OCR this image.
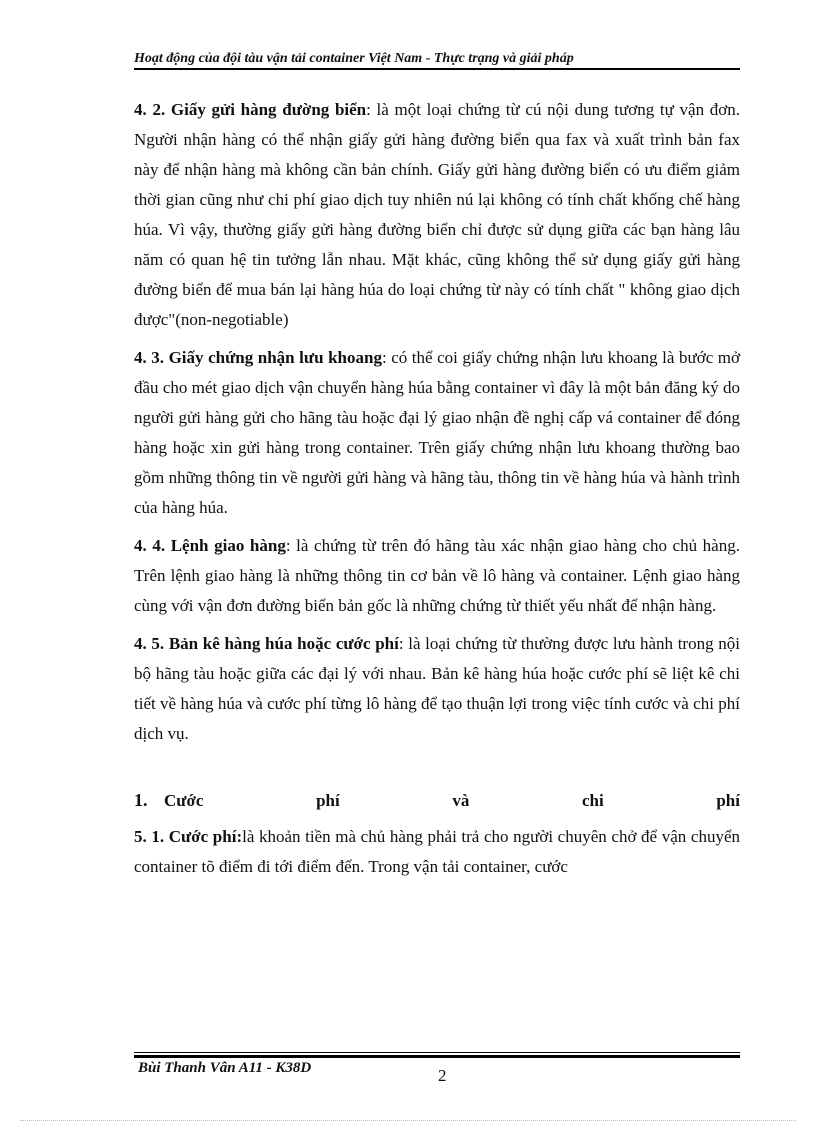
Hoạt động của đội tàu vận tải container Việt Nam - Thực trạng và giải pháp

4. 2. Giấy gửi hàng đường biển: là một loại chứng từ cú nội dung tương tự vận đơn. Người nhận hàng có thể nhận giấy gửi hàng đường biển qua fax và xuất trình bản fax này để nhận hàng mà không cần bản chính. Giấy gửi hàng đường biển có ưu điểm giảm thời gian cũng như chi phí giao dịch tuy nhiên nú lại không có tính chất khống chế hàng húa. Vì vậy, thường giấy gửi hàng đường biển chỉ được sử dụng giữa các bạn hàng lâu năm có quan hệ tin tưởng lẫn nhau. Mặt khác, cũng không thể sử dụng giấy gửi hàng đường biển để mua bán lại hàng húa do loại chứng từ này có tính chất " không giao dịch được"(non-negotiable)

4. 3. Giấy chứng nhận lưu khoang: có thể coi giấy chứng nhận lưu khoang là bước mở đầu cho mét giao dịch vận chuyển hàng húa bằng container vì đây là một bản đăng ký do người gửi hàng gửi cho hãng tàu hoặc đại lý giao nhận đề nghị cấp vá container để đóng hàng hoặc xin gửi hàng trong container. Trên giấy chứng nhận lưu khoang thường bao gồm những thông tin về người gửi hàng và hãng tàu, thông tin về hàng húa và hành trình của hàng húa.

4. 4. Lệnh giao hàng: là chứng từ trên đó hãng tàu xác nhận giao hàng cho chủ hàng. Trên lệnh giao hàng là những thông tin cơ bản về lô hàng và container. Lệnh giao hàng cùng với vận đơn đường biển bản gốc là những chứng từ thiết yếu nhất để nhận hàng.

4. 5. Bản kê hàng húa hoặc cước phí: là loại chứng từ thường được lưu hành trong nội bộ hãng tàu hoặc giữa các đại lý với nhau. Bản kê hàng húa hoặc cước phí sẽ liệt kê chi tiết về hàng húa và cước phí từng lô hàng để tạo thuận lợi trong việc tính cước và chi phí dịch vụ.

1. Cước	phí	và	chi	phí

5. 1. Cước phí:là khoản tiền mà chủ hàng phải trả cho người chuyên chở để vận chuyển container tõ điểm đi tới điểm đến. Trong vận tải container, cước

Bùi Thanh Vân A11 - K38D	2
